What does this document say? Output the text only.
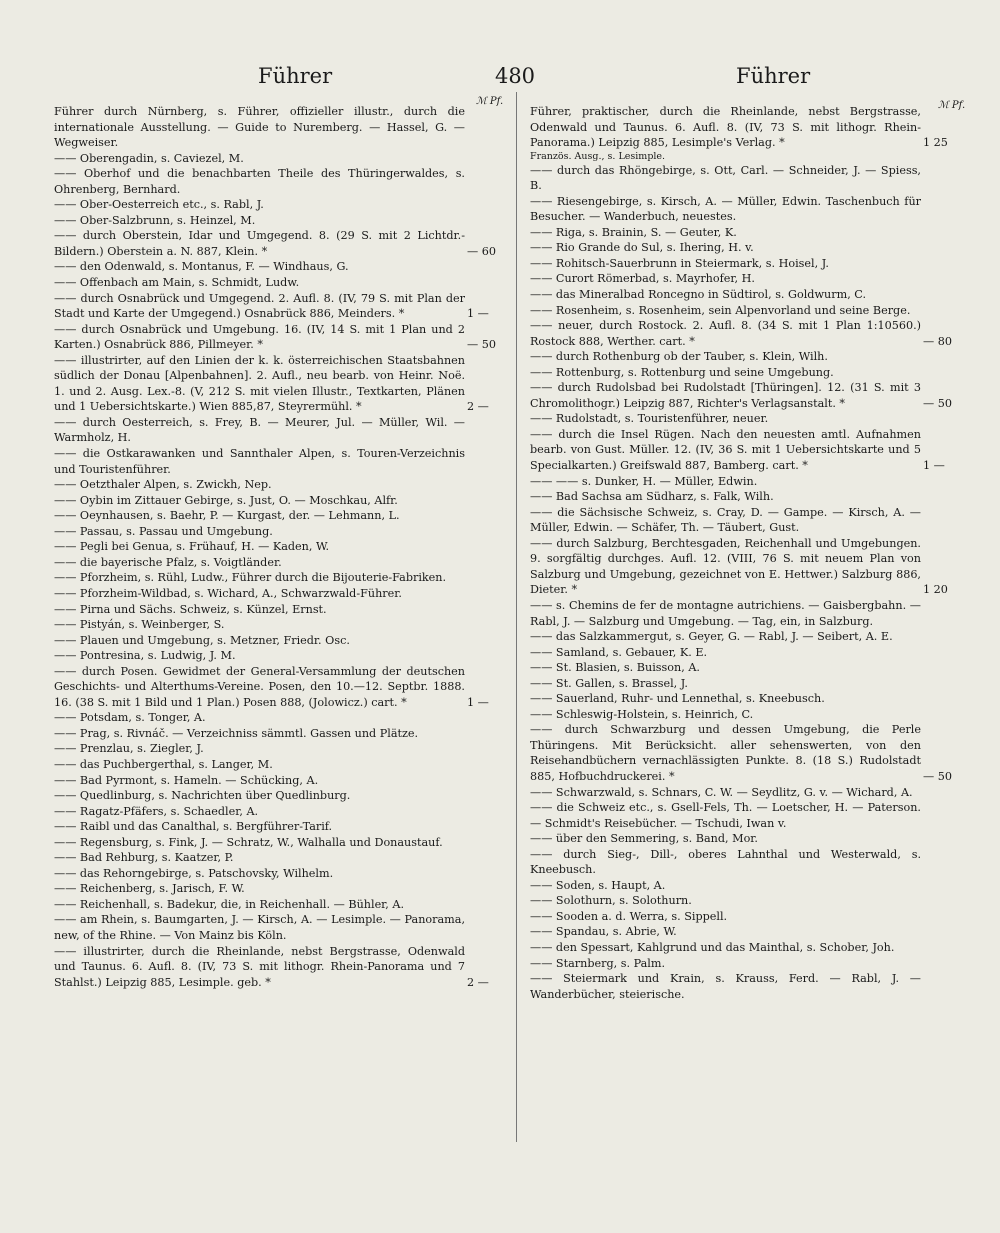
Führer	480	Führer
ℳ Pf.	ℳ Pf.

Führer durch Nürnberg, s. Führer, offizieller illustr., durch die internationale Ausstellung. — Guide to Nuremberg. — Hassel, G. — Wegweiser.

—— Oberengadin, s. Caviezel, M.

—— Oberhof und die benachbarten Theile des Thüringerwaldes, s. Ohrenberg, Bernhard.

—— Ober-Oesterreich etc., s. Rabl, J.

—— Ober-Salzbrunn, s. Heinzel, M.

—— durch Oberstein, Idar und Umgegend. 8. (29 S. mit 2 Lichtdr.-Bildern.) Oberstein a. N. 887, Klein. *	— 60

—— den Odenwald, s. Montanus, F. — Windhaus, G.

—— Offenbach am Main, s. Schmidt, Ludw.

—— durch Osnabrück und Umgegend. 2. Aufl. 8. (IV, 79 S. mit Plan der Stadt und Karte der Umgegend.) Osnabrück 886, Meinders. *	1 —

—— durch Osnabrück und Umgebung. 16. (IV, 14 S. mit 1 Plan und 2 Karten.) Osnabrück 886, Pillmeyer. *	— 50

—— illustrirter, auf den Linien der k. k. österreichischen Staatsbahnen südlich der Donau [Alpenbahnen]. 2. Aufl., neu bearb. von Heinr. Noë. 1. und 2. Ausg. Lex.-8. (V, 212 S. mit vielen Illustr., Textkarten, Plänen und 1 Uebersichtskarte.) Wien 885,87, Steyrermühl. *	2 —

—— durch Oesterreich, s. Frey, B. — Meurer, Jul. — Müller, Wil. — Warmholz, H.

—— die Ostkarawanken und Sannthaler Alpen, s. Touren-Verzeichnis und Touristenführer.

—— Oetzthaler Alpen, s. Zwickh, Nep.

—— Oybin im Zittauer Gebirge, s. Just, O. — Moschkau, Alfr.

—— Oeynhausen, s. Baehr, P. — Kurgast, der. — Lehmann, L.

—— Passau, s. Passau und Umgebung.

—— Pegli bei Genua, s. Frühauf, H. — Kaden, W.

—— die bayerische Pfalz, s. Voigtländer.

—— Pforzheim, s. Rühl, Ludw., Führer durch die Bijouterie-Fabriken.

—— Pforzheim-Wildbad, s. Wichard, A., Schwarzwald-Führer.

—— Pirna und Sächs. Schweiz, s. Künzel, Ernst.

—— Pistyán, s. Weinberger, S.

—— Plauen und Umgebung, s. Metzner, Friedr. Osc.

—— Pontresina, s. Ludwig, J. M.

—— durch Posen. Gewidmet der General-Versammlung der deutschen Geschichts- und Alterthums-Vereine. Posen, den 10.—12. Septbr. 1888. 16. (38 S. mit 1 Bild und 1 Plan.) Posen 888, (Jolowicz.) cart. *	1 —

—— Potsdam, s. Tonger, A.

—— Prag, s. Rivnáč. — Verzeichniss sämmtl. Gassen und Plätze.

—— Prenzlau, s. Ziegler, J.

—— das Puchbergerthal, s. Langer, M.

—— Bad Pyrmont, s. Hameln. — Schücking, A.

—— Quedlinburg, s. Nachrichten über Quedlinburg.

—— Ragatz-Pfäfers, s. Schaedler, A.

—— Raibl und das Canalthal, s. Bergführer-Tarif.

—— Regensburg, s. Fink, J. — Schratz, W., Walhalla und Donaustauf.

—— Bad Rehburg, s. Kaatzer, P.

—— das Rehorngebirge, s. Patschovsky, Wilhelm.

—— Reichenberg, s. Jarisch, F. W.

—— Reichenhall, s. Badekur, die, in Reichenhall. — Bühler, A.

—— am Rhein, s. Baumgarten, J. — Kirsch, A. — Lesimple. — Panorama, new, of the Rhine. — Von Mainz bis Köln.

—— illustrirter, durch die Rheinlande, nebst Bergstrasse, Odenwald und Taunus. 6. Aufl. 8. (IV, 73 S. mit lithogr. Rhein-Panorama und 7 Stahlst.) Leipzig 885, Lesimple. geb. *	2 —

Führer, praktischer, durch die Rheinlande, nebst Bergstrasse, Odenwald und Taunus. 6. Aufl. 8. (IV, 73 S. mit lithogr. Rhein-Panorama.) Leipzig 885, Lesimple's Verlag. *	1 25

Französ. Ausg., s. Lesimple.

—— durch das Rhöngebirge, s. Ott, Carl. — Schneider, J. — Spiess, B.

—— Riesengebirge, s. Kirsch, A. — Müller, Edwin. Taschenbuch für Besucher. — Wanderbuch, neuestes.

—— Riga, s. Brainin, S. — Geuter, K.

—— Rio Grande do Sul, s. Ihering, H. v.

—— Rohitsch-Sauerbrunn in Steiermark, s. Hoisel, J.

—— Curort Römerbad, s. Mayrhofer, H.

—— das Mineralbad Roncegno in Südtirol, s. Goldwurm, C.

—— Rosenheim, s. Rosenheim, sein Alpenvorland und seine Berge.

—— neuer, durch Rostock. 2. Aufl. 8. (34 S. mit 1 Plan 1:10560.) Rostock 888, Werther. cart. *	— 80

—— durch Rothenburg ob der Tauber, s. Klein, Wilh.

—— Rottenburg, s. Rottenburg und seine Umgebung.

—— durch Rudolsbad bei Rudolstadt [Thüringen]. 12. (31 S. mit 3 Chromolithogr.) Leipzig 887, Richter's Verlagsanstalt. *	— 50

—— Rudolstadt, s. Touristenführer, neuer.

—— durch die Insel Rügen. Nach den neuesten amtl. Aufnahmen bearb. von Gust. Müller. 12. (IV, 36 S. mit 1 Uebersichtskarte und 5 Specialkarten.) Greifswald 887, Bamberg. cart. *	1 —

—— —— s. Dunker, H. — Müller, Edwin.

—— Bad Sachsa am Südharz, s. Falk, Wilh.

—— die Sächsische Schweiz, s. Cray, D. — Gampe. — Kirsch, A. — Müller, Edwin. — Schäfer, Th. — Täubert, Gust.

—— durch Salzburg, Berchtesgaden, Reichenhall und Umgebungen. 9. sorgfältig durchges. Aufl. 12. (VIII, 76 S. mit neuem Plan von Salzburg und Umgebung, gezeichnet von E. Hettwer.) Salzburg 886, Dieter. *	1 20

—— s. Chemins de fer de montagne autrichiens. — Gaisbergbahn. — Rabl, J. — Salzburg und Umgebung. — Tag, ein, in Salzburg.

—— das Salzkammergut, s. Geyer, G. — Rabl, J. — Seibert, A. E.

—— Samland, s. Gebauer, K. E.

—— St. Blasien, s. Buisson, A.

—— St. Gallen, s. Brassel, J.

—— Sauerland, Ruhr- und Lennethal, s. Kneebusch.

—— Schleswig-Holstein, s. Heinrich, C.

—— durch Schwarzburg und dessen Umgebung, die Perle Thüringens. Mit Berücksicht. aller sehenswerten, von den Reisehandbüchern vernachlässigten Punkte. 8. (18 S.) Rudolstadt 885, Hofbuchdruckerei. *	— 50

—— Schwarzwald, s. Schnars, C. W. — Seydlitz, G. v. — Wichard, A.

—— die Schweiz etc., s. Gsell-Fels, Th. — Loetscher, H. — Paterson. — Schmidt's Reisebücher. — Tschudi, Iwan v.

—— über den Semmering, s. Band, Mor.

—— durch Sieg-, Dill-, oberes Lahnthal und Westerwald, s. Kneebusch.

—— Soden, s. Haupt, A.

—— Solothurn, s. Solothurn.

—— Sooden a. d. Werra, s. Sippell.

—— Spandau, s. Abrie, W.

—— den Spessart, Kahlgrund und das Mainthal, s. Schober, Joh.

—— Starnberg, s. Palm.

—— Steiermark und Krain, s. Krauss, Ferd. — Rabl, J. — Wanderbücher, steierische.
